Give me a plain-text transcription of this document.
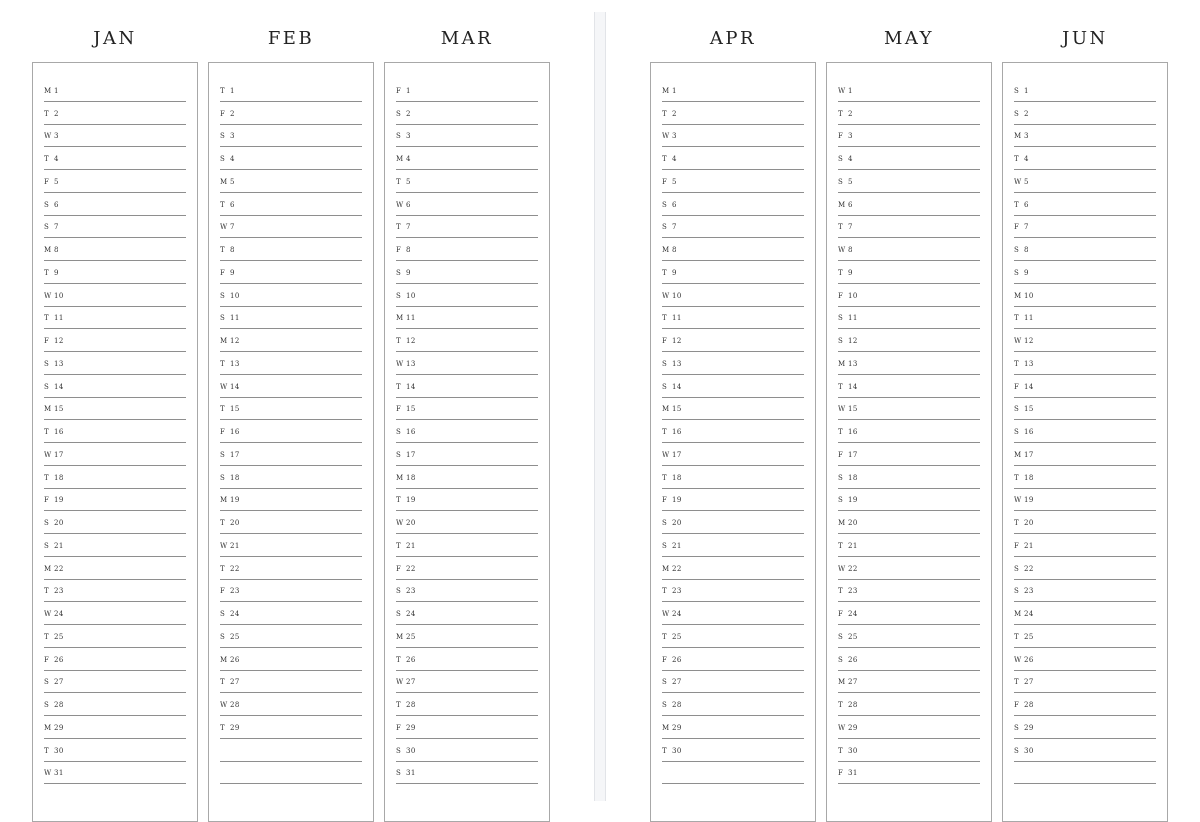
JAN
M 1
T 2
W 3
T 4
F 5
S 6
S 7
M 8
T 9
W 10
T 11
F 12
S 13
S 14
M 15
T 16
W 17
T 18
F 19
S 20
S 21
M 22
T 23
W 24
T 25
F 26
S 27
S 28
M 29
T 30
W 31
FEB
T 1
F 2
S 3
S 4
M 5
T 6
W 7
T 8
F 9
S 10
S 11
M 12
T 13
W 14
T 15
F 16
S 17
S 18
M 19
T 20
W 21
T 22
F 23
S 24
S 25
M 26
T 27
W 28
T 29
MAR
F 1
S 2
S 3
M 4
T 5
W 6
T 7
F 8
S 9
S 10
M 11
T 12
W 13
T 14
F 15
S 16
S 17
M 18
T 19
W 20
T 21
F 22
S 23
S 24
M 25
T 26
W 27
T 28
F 29
S 30
S 31
APR
M 1
T 2
W 3
T 4
F 5
S 6
S 7
M 8
T 9
W 10
T 11
F 12
S 13
S 14
M 15
T 16
W 17
T 18
F 19
S 20
S 21
M 22
T 23
W 24
T 25
F 26
S 27
S 28
M 29
T 30
MAY
W 1
T 2
F 3
S 4
S 5
M 6
T 7
W 8
T 9
F 10
S 11
S 12
M 13
T 14
W 15
T 16
F 17
S 18
S 19
M 20
T 21
W 22
T 23
F 24
S 25
S 26
M 27
T 28
W 29
T 30
F 31
JUN
S 1
S 2
M 3
T 4
W 5
T 6
F 7
S 8
S 9
M 10
T 11
W 12
T 13
F 14
S 15
S 16
M 17
T 18
W 19
T 20
F 21
S 22
S 23
M 24
T 25
W 26
T 27
F 28
S 29
S 30
